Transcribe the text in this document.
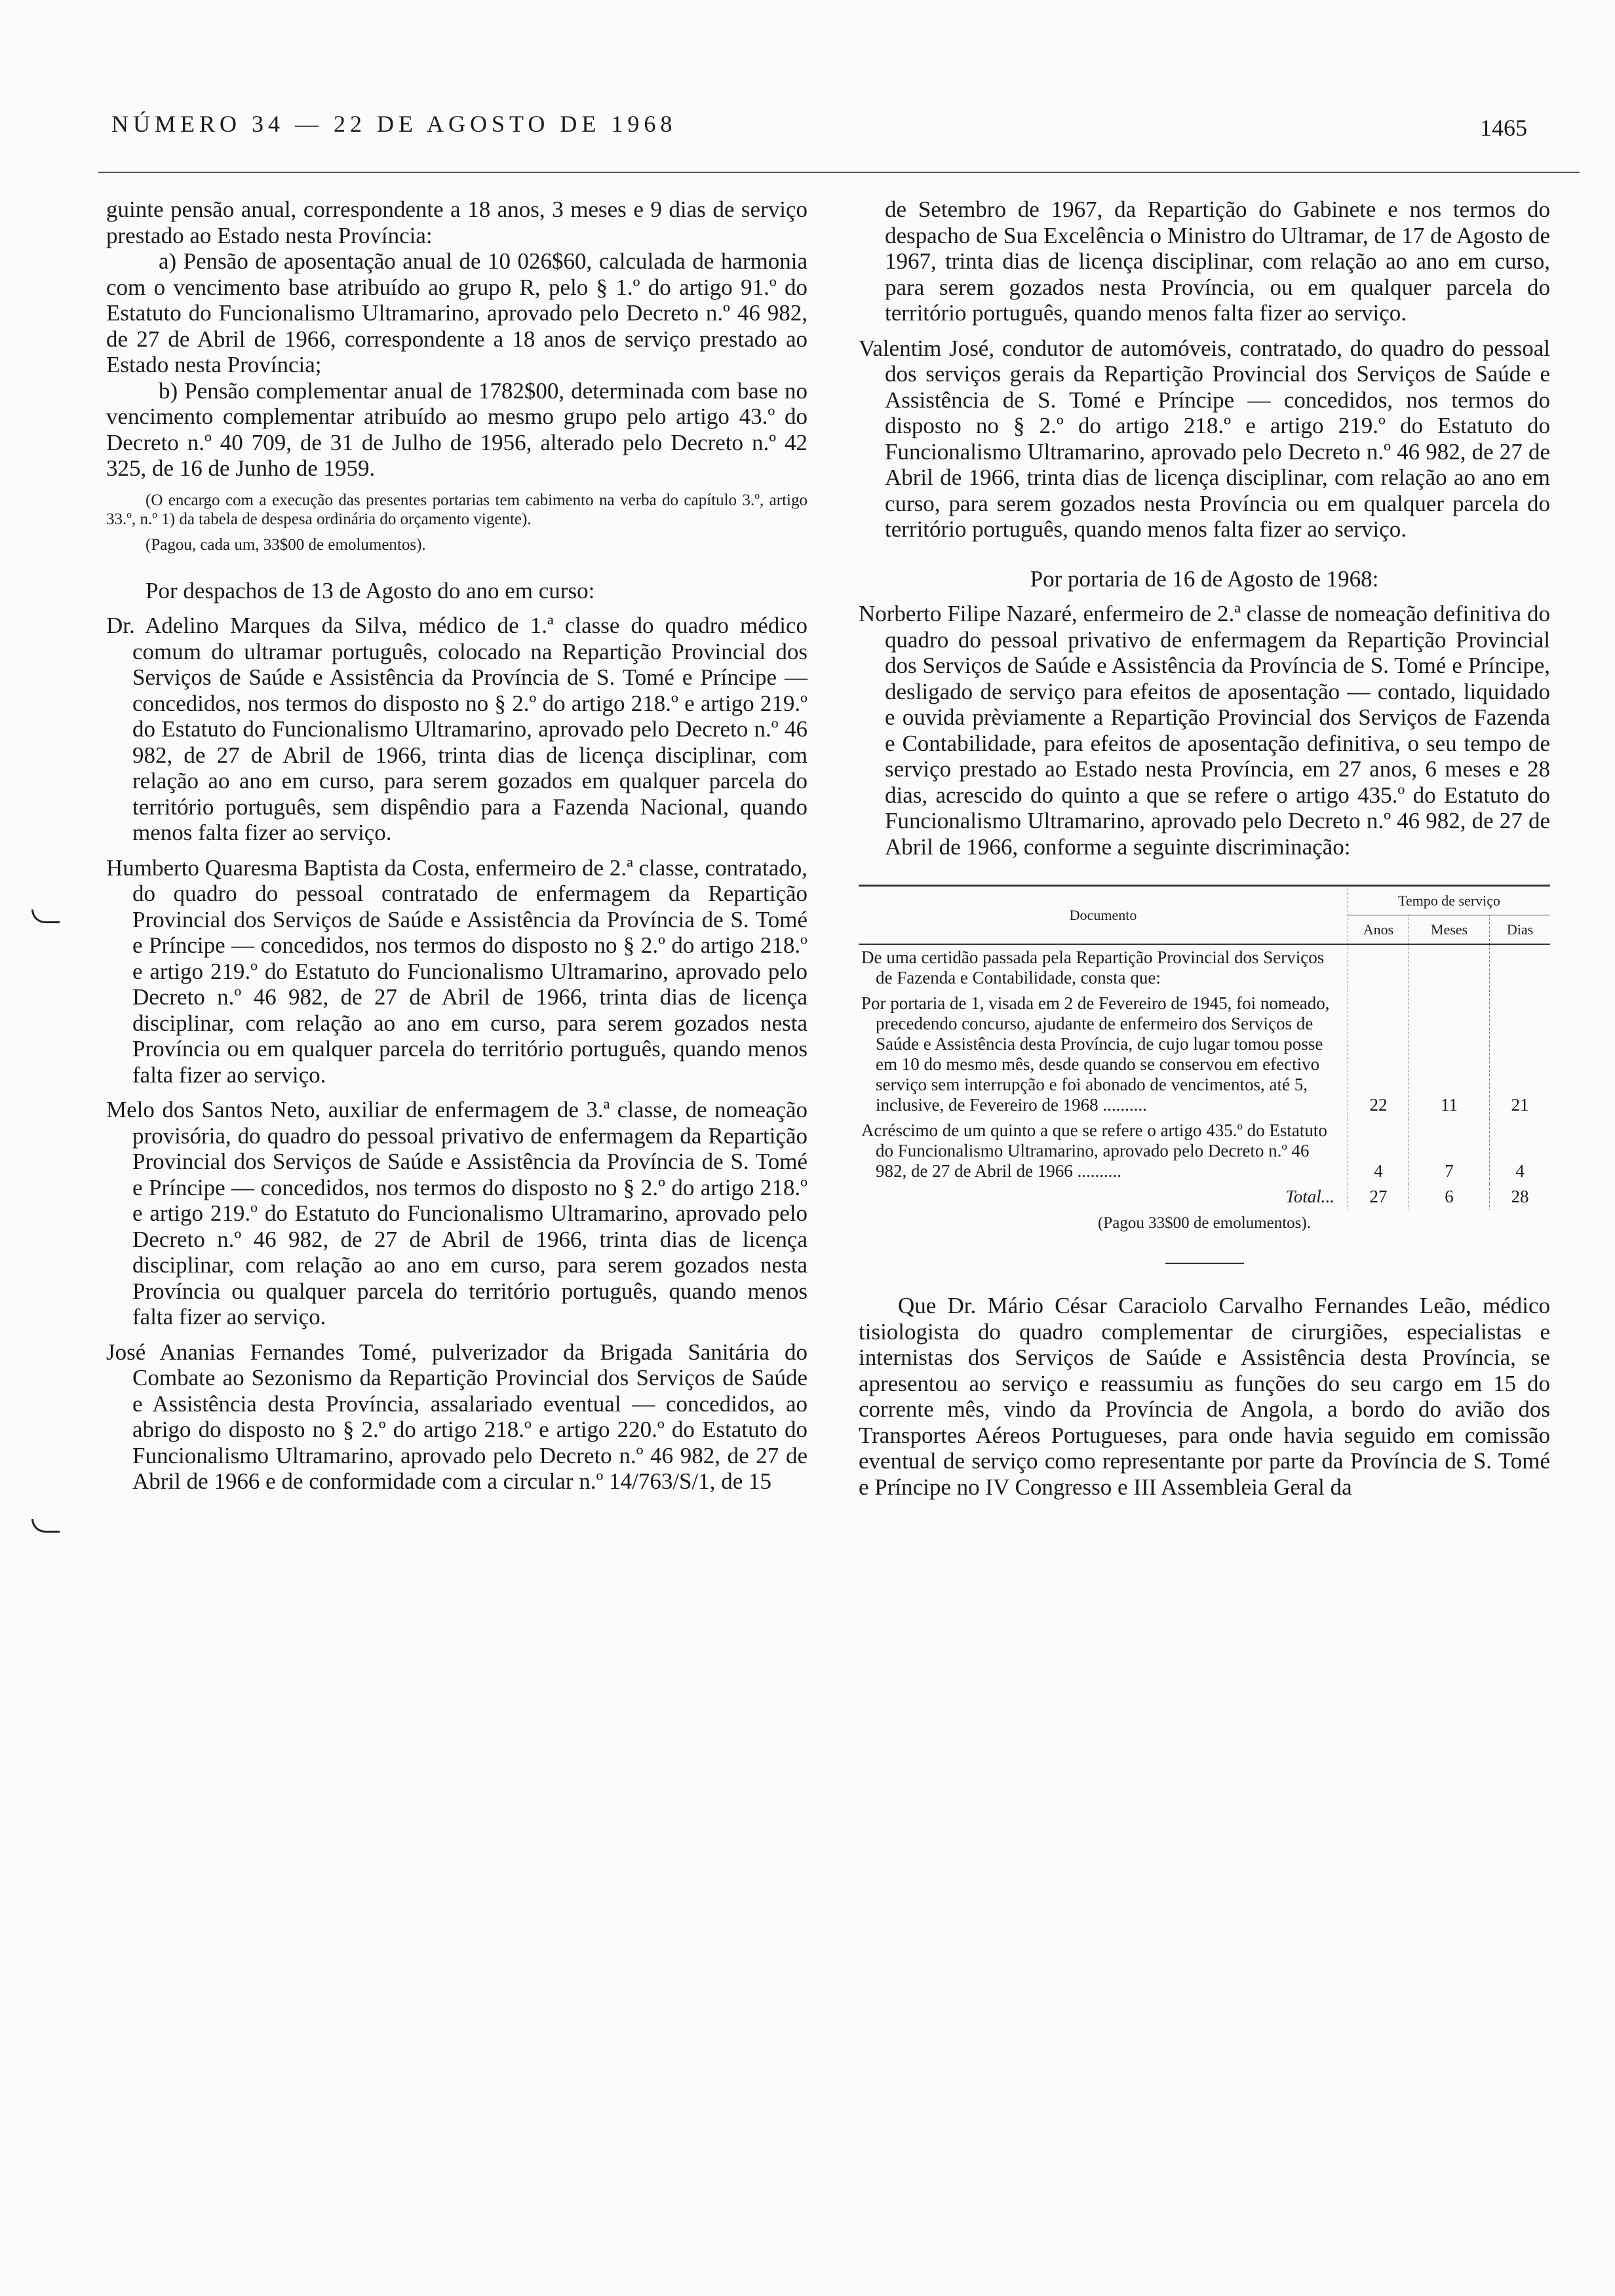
NÚMERO 34 — 22 DE AGOSTO DE 1968	1465

guinte pensão anual, correspondente a 18 anos, 3 meses e 9 dias de serviço prestado ao Estado nesta Província:

a) Pensão de aposentação anual de 10 026$60, calculada de harmonia com o vencimento base atribuído ao grupo R, pelo § 1.º do artigo 91.º do Estatuto do Funcionalismo Ultramarino, aprovado pelo Decreto n.º 46 982, de 27 de Abril de 1966, correspondente a 18 anos de serviço prestado ao Estado nesta Província;

b) Pensão complementar anual de 1782$00, determinada com base no vencimento complementar atribuído ao mesmo grupo pelo artigo 43.º do Decreto n.º 40 709, de 31 de Julho de 1956, alterado pelo Decreto n.º 42 325, de 16 de Junho de 1959.

(O encargo com a execução das presentes portarias tem cabimento na verba do capítulo 3.º, artigo 33.º, n.º 1) da tabela de despesa ordinária do orçamento vigente).

(Pagou, cada um, 33$00 de emolumentos).

Por despachos de 13 de Agosto do ano em curso:

Dr. Adelino Marques da Silva, médico de 1.ª classe do quadro médico comum do ultramar português, colocado na Repartição Provincial dos Serviços de Saúde e Assistência da Província de S. Tomé e Príncipe — concedidos, nos termos do disposto no § 2.º do artigo 218.º e artigo 219.º do Estatuto do Funcionalismo Ultramarino, aprovado pelo Decreto n.º 46 982, de 27 de Abril de 1966, trinta dias de licença disciplinar, com relação ao ano em curso, para serem gozados em qualquer parcela do território português, sem dispêndio para a Fazenda Nacional, quando menos falta fizer ao serviço.

Humberto Quaresma Baptista da Costa, enfermeiro de 2.ª classe, contratado, do quadro do pessoal contratado de enfermagem da Repartição Provincial dos Serviços de Saúde e Assistência da Província de S. Tomé e Príncipe — concedidos, nos termos do disposto no § 2.º do artigo 218.º e artigo 219.º do Estatuto do Funcionalismo Ultramarino, aprovado pelo Decreto n.º 46 982, de 27 de Abril de 1966, trinta dias de licença disciplinar, com relação ao ano em curso, para serem gozados nesta Província ou em qualquer parcela do território português, quando menos falta fizer ao serviço.

Melo dos Santos Neto, auxiliar de enfermagem de 3.ª classe, de nomeação provisória, do quadro do pessoal privativo de enfermagem da Repartição Provincial dos Serviços de Saúde e Assistência da Província de S. Tomé e Príncipe — concedidos, nos termos do disposto no § 2.º do artigo 218.º e artigo 219.º do Estatuto do Funcionalismo Ultramarino, aprovado pelo Decreto n.º 46 982, de 27 de Abril de 1966, trinta dias de licença disciplinar, com relação ao ano em curso, para serem gozados nesta Província ou qualquer parcela do território português, quando menos falta fizer ao serviço.

José Ananias Fernandes Tomé, pulverizador da Brigada Sanitária do Combate ao Sezonismo da Repartição Provincial dos Serviços de Saúde e Assistência desta Província, assalariado eventual — concedidos, ao abrigo do disposto no § 2.º do artigo 218.º e artigo 220.º do Estatuto do Funcionalismo Ultramarino, aprovado pelo Decreto n.º 46 982, de 27 de Abril de 1966 e de conformidade com a circular n.º 14/763/S/1, de 15

de Setembro de 1967, da Repartição do Gabinete e nos termos do despacho de Sua Excelência o Ministro do Ultramar, de 17 de Agosto de 1967, trinta dias de licença disciplinar, com relação ao ano em curso, para serem gozados nesta Província, ou em qualquer parcela do território português, quando menos falta fizer ao serviço.

Valentim José, condutor de automóveis, contratado, do quadro do pessoal dos serviços gerais da Repartição Provincial dos Serviços de Saúde e Assistência de S. Tomé e Príncipe — concedidos, nos termos do disposto no § 2.º do artigo 218.º e artigo 219.º do Estatuto do Funcionalismo Ultramarino, aprovado pelo Decreto n.º 46 982, de 27 de Abril de 1966, trinta dias de licença disciplinar, com relação ao ano em curso, para serem gozados nesta Província ou em qualquer parcela do território português, quando menos falta fizer ao serviço.

Por portaria de 16 de Agosto de 1968:

Norberto Filipe Nazaré, enfermeiro de 2.ª classe de nomeação definitiva do quadro do pessoal privativo de enfermagem da Repartição Provincial dos Serviços de Saúde e Assistência da Província de S. Tomé e Príncipe, desligado de serviço para efeitos de aposentação — contado, liquidado e ouvida prèviamente a Repartição Provincial dos Serviços de Fazenda e Contabilidade, para efeitos de aposentação definitiva, o seu tempo de serviço prestado ao Estado nesta Província, em 27 anos, 6 meses e 28 dias, acrescido do quinto a que se refere o artigo 435.º do Estatuto do Funcionalismo Ultramarino, aprovado pelo Decreto n.º 46 982, de 27 de Abril de 1966, conforme a seguinte discriminação:

Documento	Tempo de serviço		
	Anos	Meses	Dias
De uma certidão passada pela Repartição Provincial dos Serviços de Fazenda e Contabilidade, consta que:			
Por portaria de 1, visada em 2 de Fevereiro de 1945, foi nomeado, precedendo concurso, ajudante de enfermeiro dos Serviços de Saúde e Assistência desta Província, de cujo lugar tomou posse em 10 do mesmo mês, desde quando se conservou em efectivo serviço sem interrupção e foi abonado de vencimentos, até 5, inclusive, de Fevereiro de 1968 ..........	22	11	21
Acréscimo de um quinto a que se refere o artigo 435.º do Estatuto do Funcionalismo Ultramarino, aprovado pelo Decreto n.º 46 982, de 27 de Abril de 1966 ..........	4	7	4
Total...	27	6	28

(Pagou 33$00 de emolumentos).

Que Dr. Mário César Caraciolo Carvalho Fernandes Leão, médico tisiologista do quadro complementar de cirurgiões, especialistas e internistas dos Serviços de Saúde e Assistência desta Província, se apresentou ao serviço e reassumiu as funções do seu cargo em 15 do corrente mês, vindo da Província de Angola, a bordo do avião dos Transportes Aéreos Portugueses, para onde havia seguido em comissão eventual de serviço como representante por parte da Província de S. Tomé e Príncipe no IV Congresso e III Assembleia Geral da
